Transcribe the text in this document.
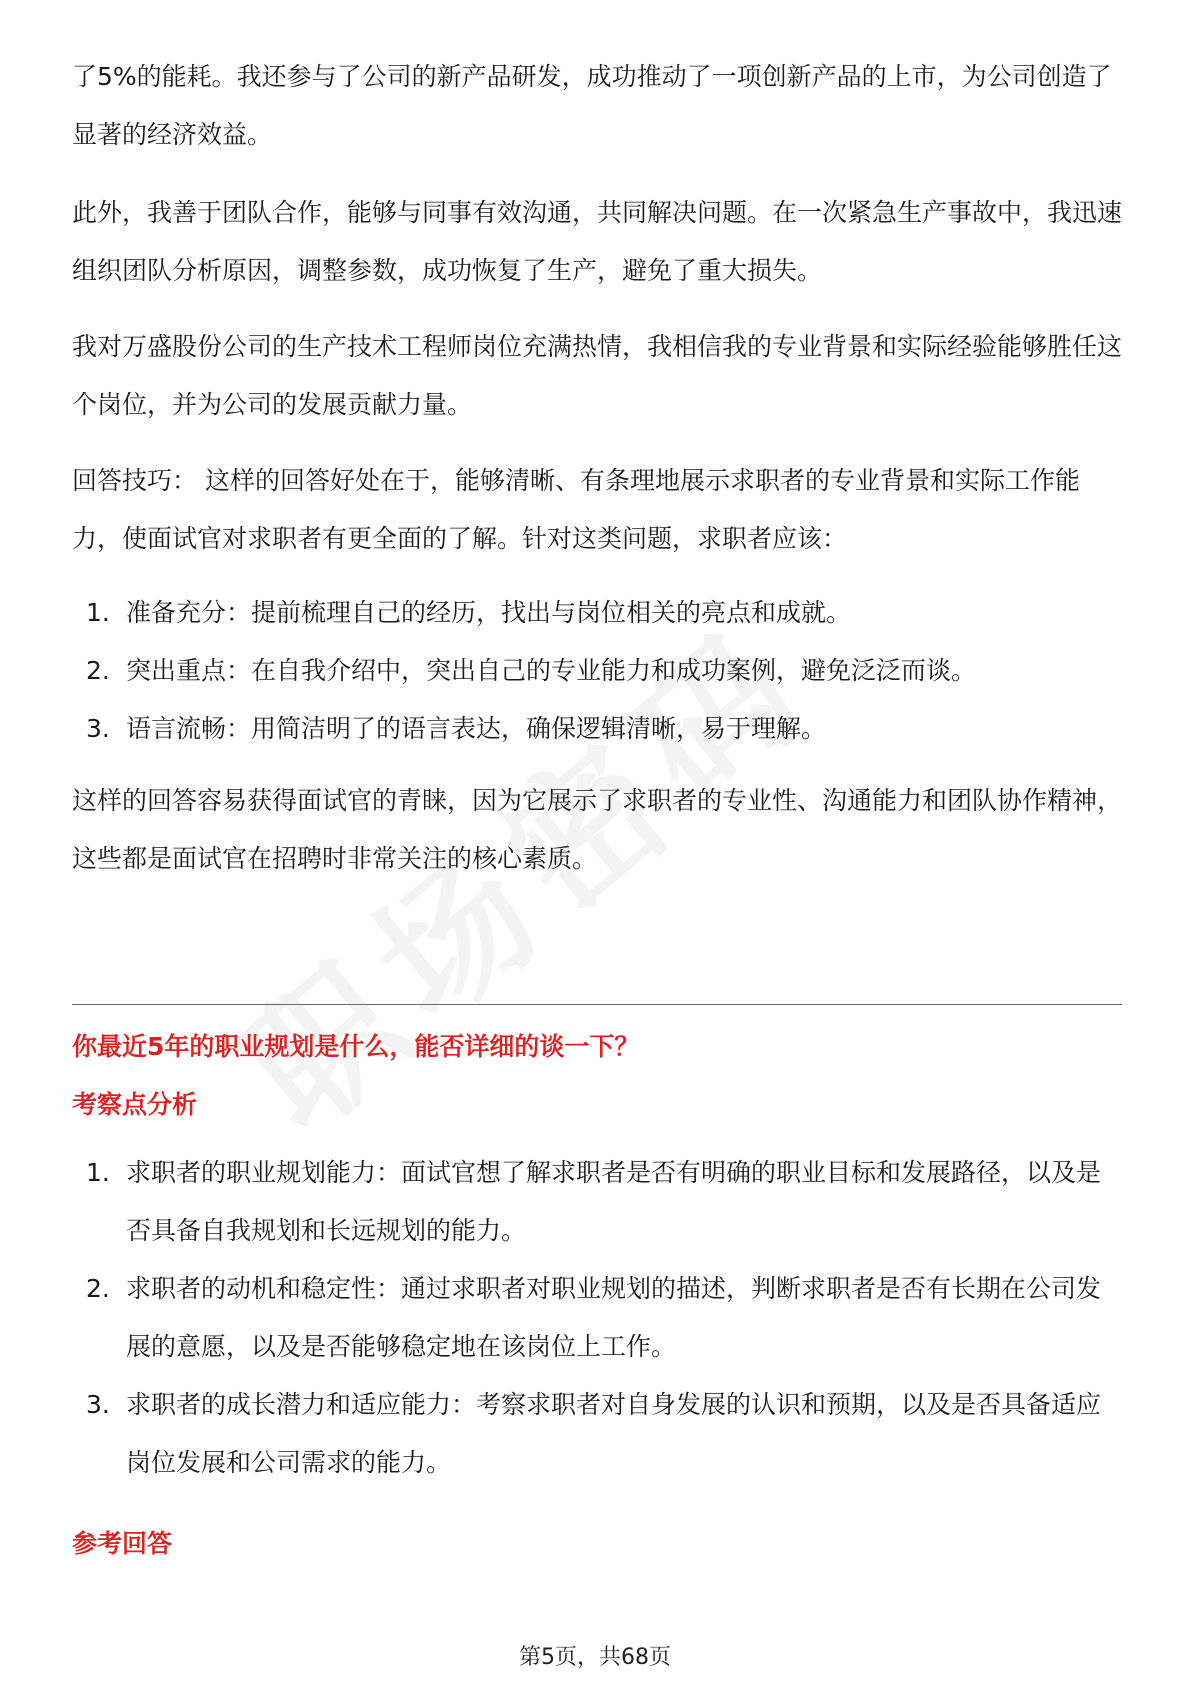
了5%的能耗。我还参与了公司的新产品研发，成功推动了一项创新产品的上市，为公司创造了显著的经济效益。

此外，我善于团队合作，能够与同事有效沟通，共同解决问题。在一次紧急生产事故中，我迅速组织团队分析原因，调整参数，成功恢复了生产，避免了重大损失。

我对万盛股份公司的生产技术工程师岗位充满热情，我相信我的专业背景和实际经验能够胜任这个岗位，并为公司的发展贡献力量。

回答技巧： 这样的回答好处在于，能够清晰、有条理地展示求职者的专业背景和实际工作能力，使面试官对求职者有更全面的了解。针对这类问题，求职者应该：

1. 准备充分：提前梳理自己的经历，找出与岗位相关的亮点和成就。
2. 突出重点：在自我介绍中，突出自己的专业能力和成功案例，避免泛泛而谈。
3. 语言流畅：用简洁明了的语言表达，确保逻辑清晰，易于理解。

这样的回答容易获得面试官的青睐，因为它展示了求职者的专业性、沟通能力和团队协作精神，这些都是面试官在招聘时非常关注的核心素质。

你最近5年的职业规划是什么，能否详细的谈一下？
考察点分析
1. 求职者的职业规划能力：面试官想了解求职者是否有明确的职业目标和发展路径，以及是否具备自我规划和长远规划的能力。
2. 求职者的动机和稳定性：通过求职者对职业规划的描述，判断求职者是否有长期在公司发展的意愿，以及是否能够稳定地在该岗位上工作。
3. 求职者的成长潜力和适应能力：考察求职者对自身发展的认识和预期，以及是否具备适应岗位发展和公司需求的能力。
参考回答
第5页，共68页
